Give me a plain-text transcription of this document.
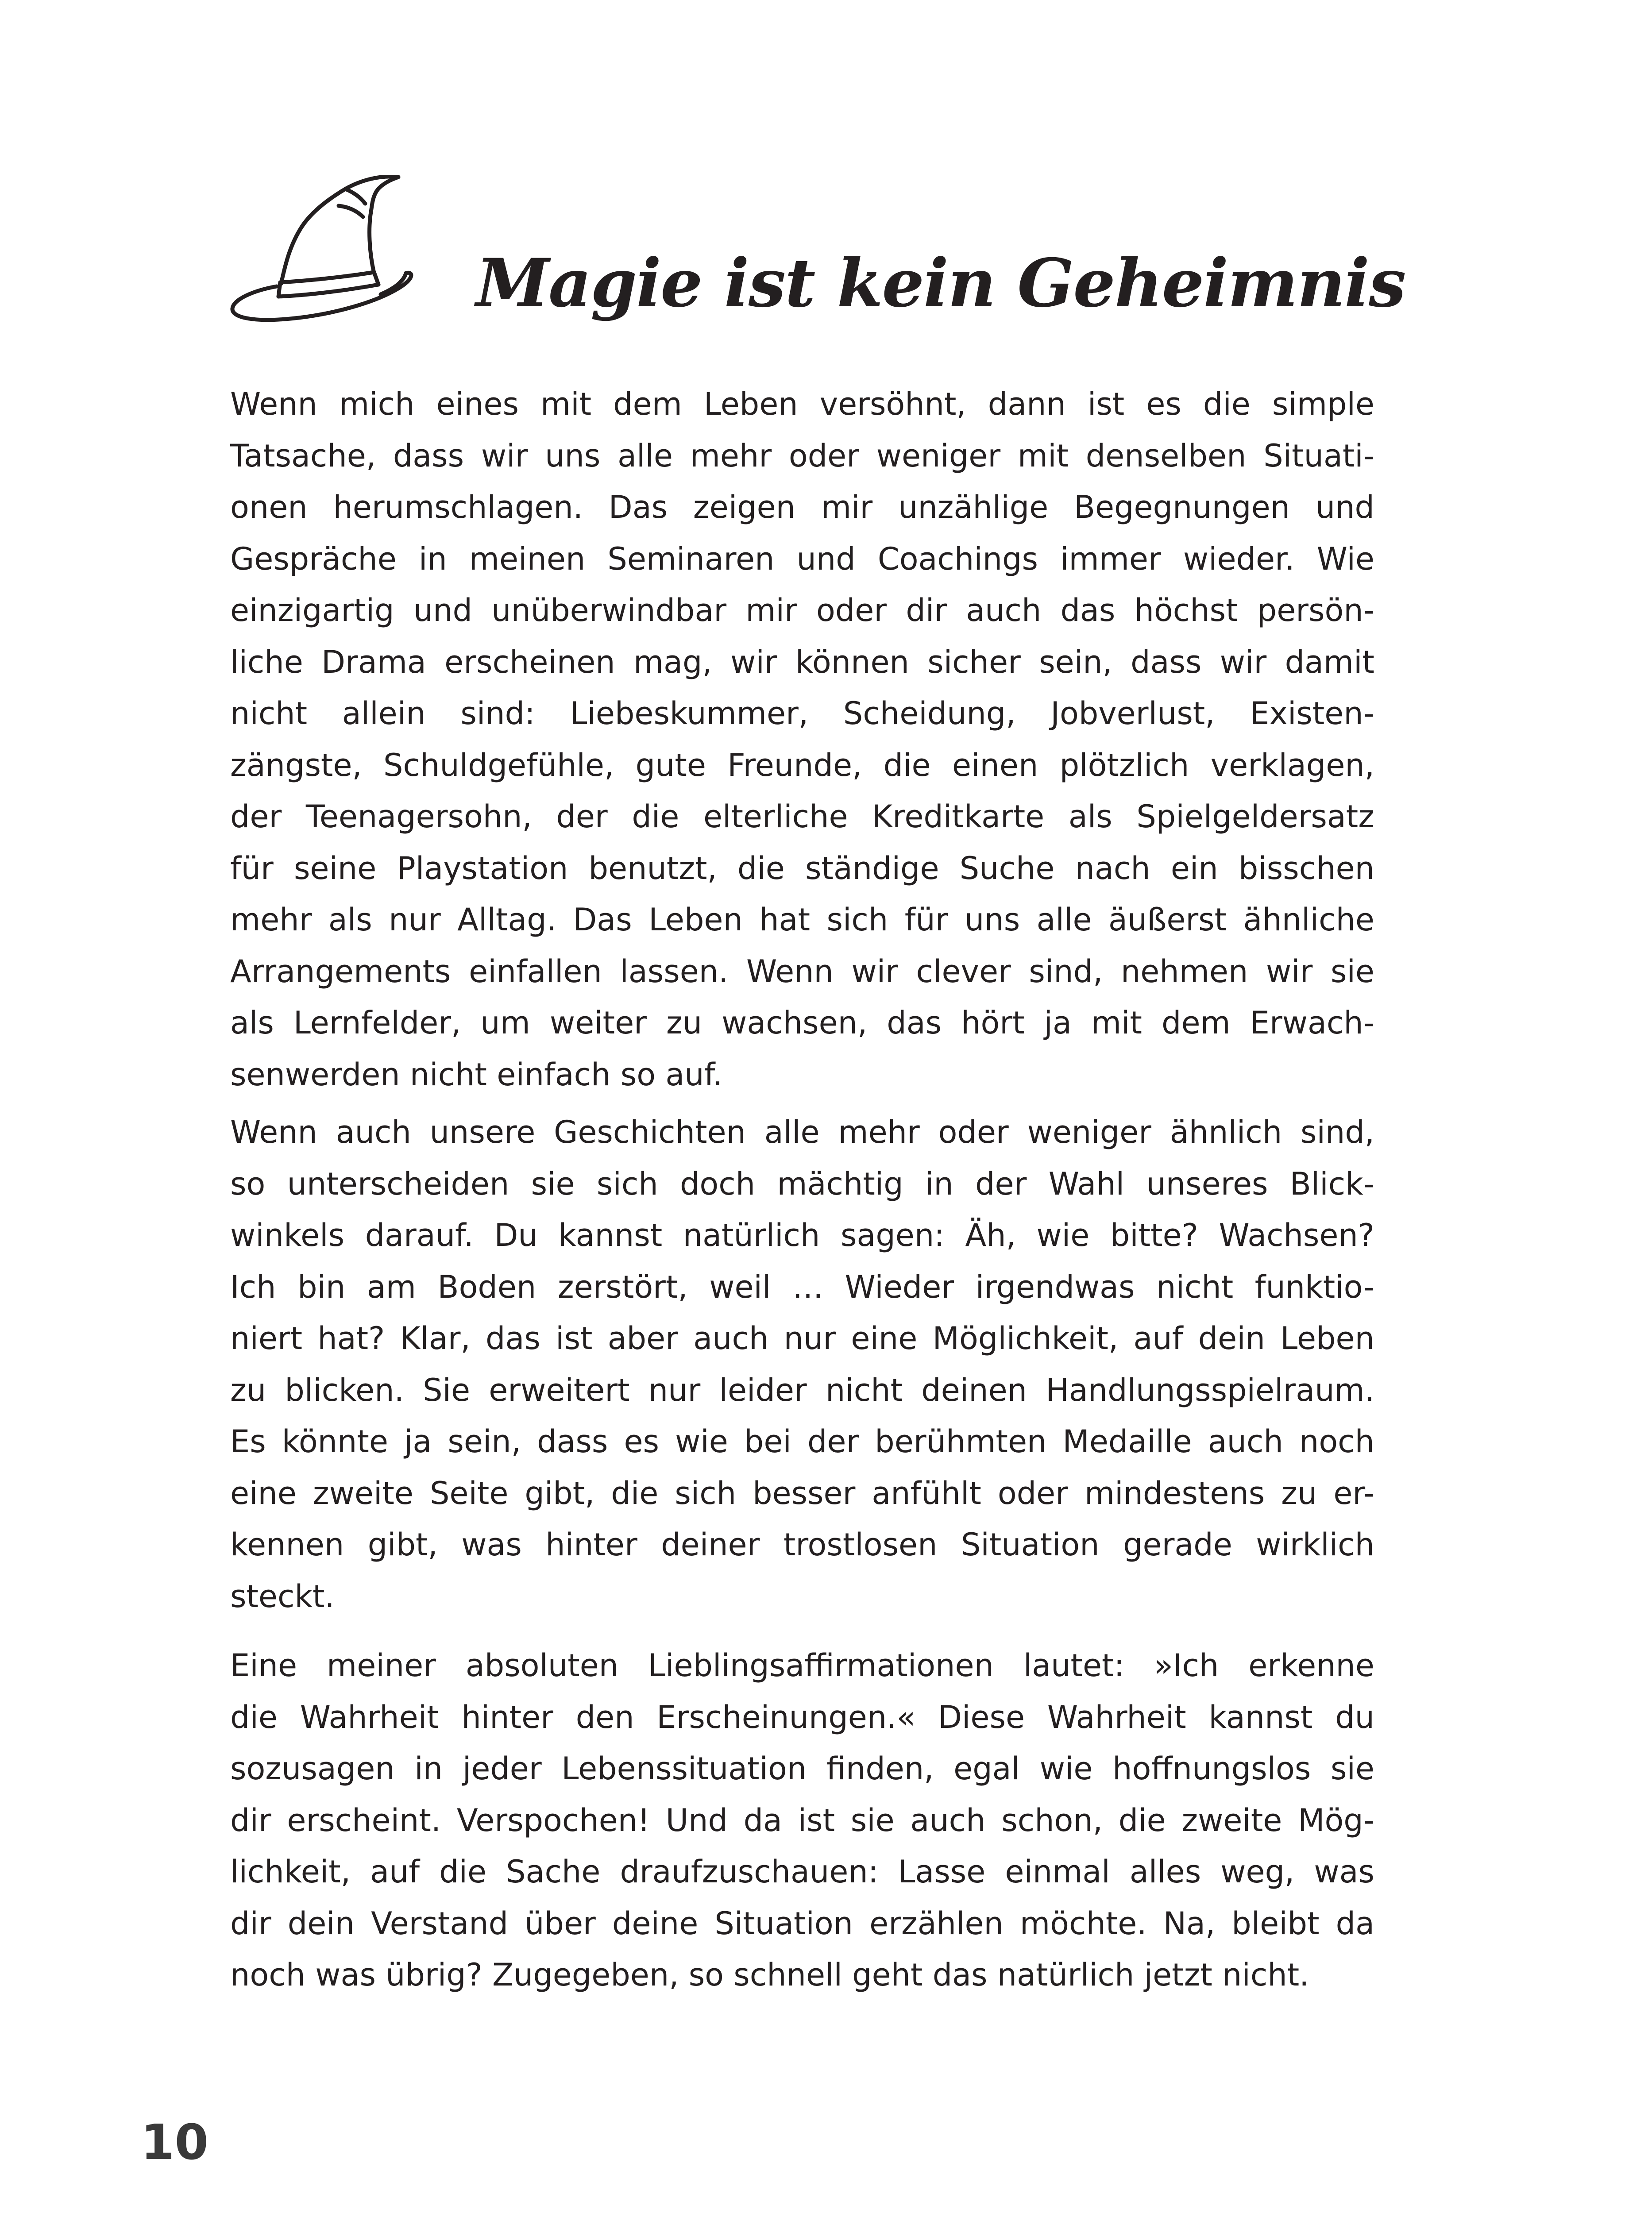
Magie ist kein Geheimnis
Wenn mich eines mit dem Leben versöhnt, dann ist es die simple
Tatsache, dass wir uns alle mehr oder weniger mit denselben Situati-
onen herumschlagen. Das zeigen mir unzählige Begegnungen und
Gespräche in meinen Seminaren und Coachings immer wieder. Wie
einzigartig und unüberwindbar mir oder dir auch das höchst persön-
liche Drama erscheinen mag, wir können sicher sein, dass wir damit
nicht allein sind: Liebeskummer, Scheidung, Jobverlust, Existen-
zängste, Schuldgefühle, gute Freunde, die einen plötzlich verklagen,
der Teenagersohn, der die elterliche Kreditkarte als Spielgeldersatz
für seine Playstation benutzt, die ständige Suche nach ein bisschen
mehr als nur Alltag. Das Leben hat sich für uns alle äußerst ähnliche
Arrangements einfallen lassen. Wenn wir clever sind, nehmen wir sie
als Lernfelder, um weiter zu wachsen, das hört ja mit dem Erwach-
senwerden nicht einfach so auf.
Wenn auch unsere Geschichten alle mehr oder weniger ähnlich sind,
so unterscheiden sie sich doch mächtig in der Wahl unseres Blick-
winkels darauf. Du kannst natürlich sagen: Äh, wie bitte? Wachsen?
Ich bin am Boden zerstört, weil … Wieder irgendwas nicht funktio-
niert hat? Klar, das ist aber auch nur eine Möglichkeit, auf dein Leben
zu blicken. Sie erweitert nur leider nicht deinen Handlungsspielraum.
Es könnte ja sein, dass es wie bei der berühmten Medaille auch noch
eine zweite Seite gibt, die sich besser anfühlt oder mindestens zu er-
kennen gibt, was hinter deiner trostlosen Situation gerade wirklich
steckt.
Eine meiner absoluten Lieblingsaffirmationen lautet: »Ich erkenne
die Wahrheit hinter den Erscheinungen.« Diese Wahrheit kannst du
sozusagen in jeder Lebenssituation finden, egal wie hoffnungslos sie
dir erscheint. Verspochen! Und da ist sie auch schon, die zweite Mög-
lichkeit, auf die Sache draufzuschauen: Lasse einmal alles weg, was
dir dein Verstand über deine Situation erzählen möchte. Na, bleibt da
noch was übrig? Zugegeben, so schnell geht das natürlich jetzt nicht.
10
